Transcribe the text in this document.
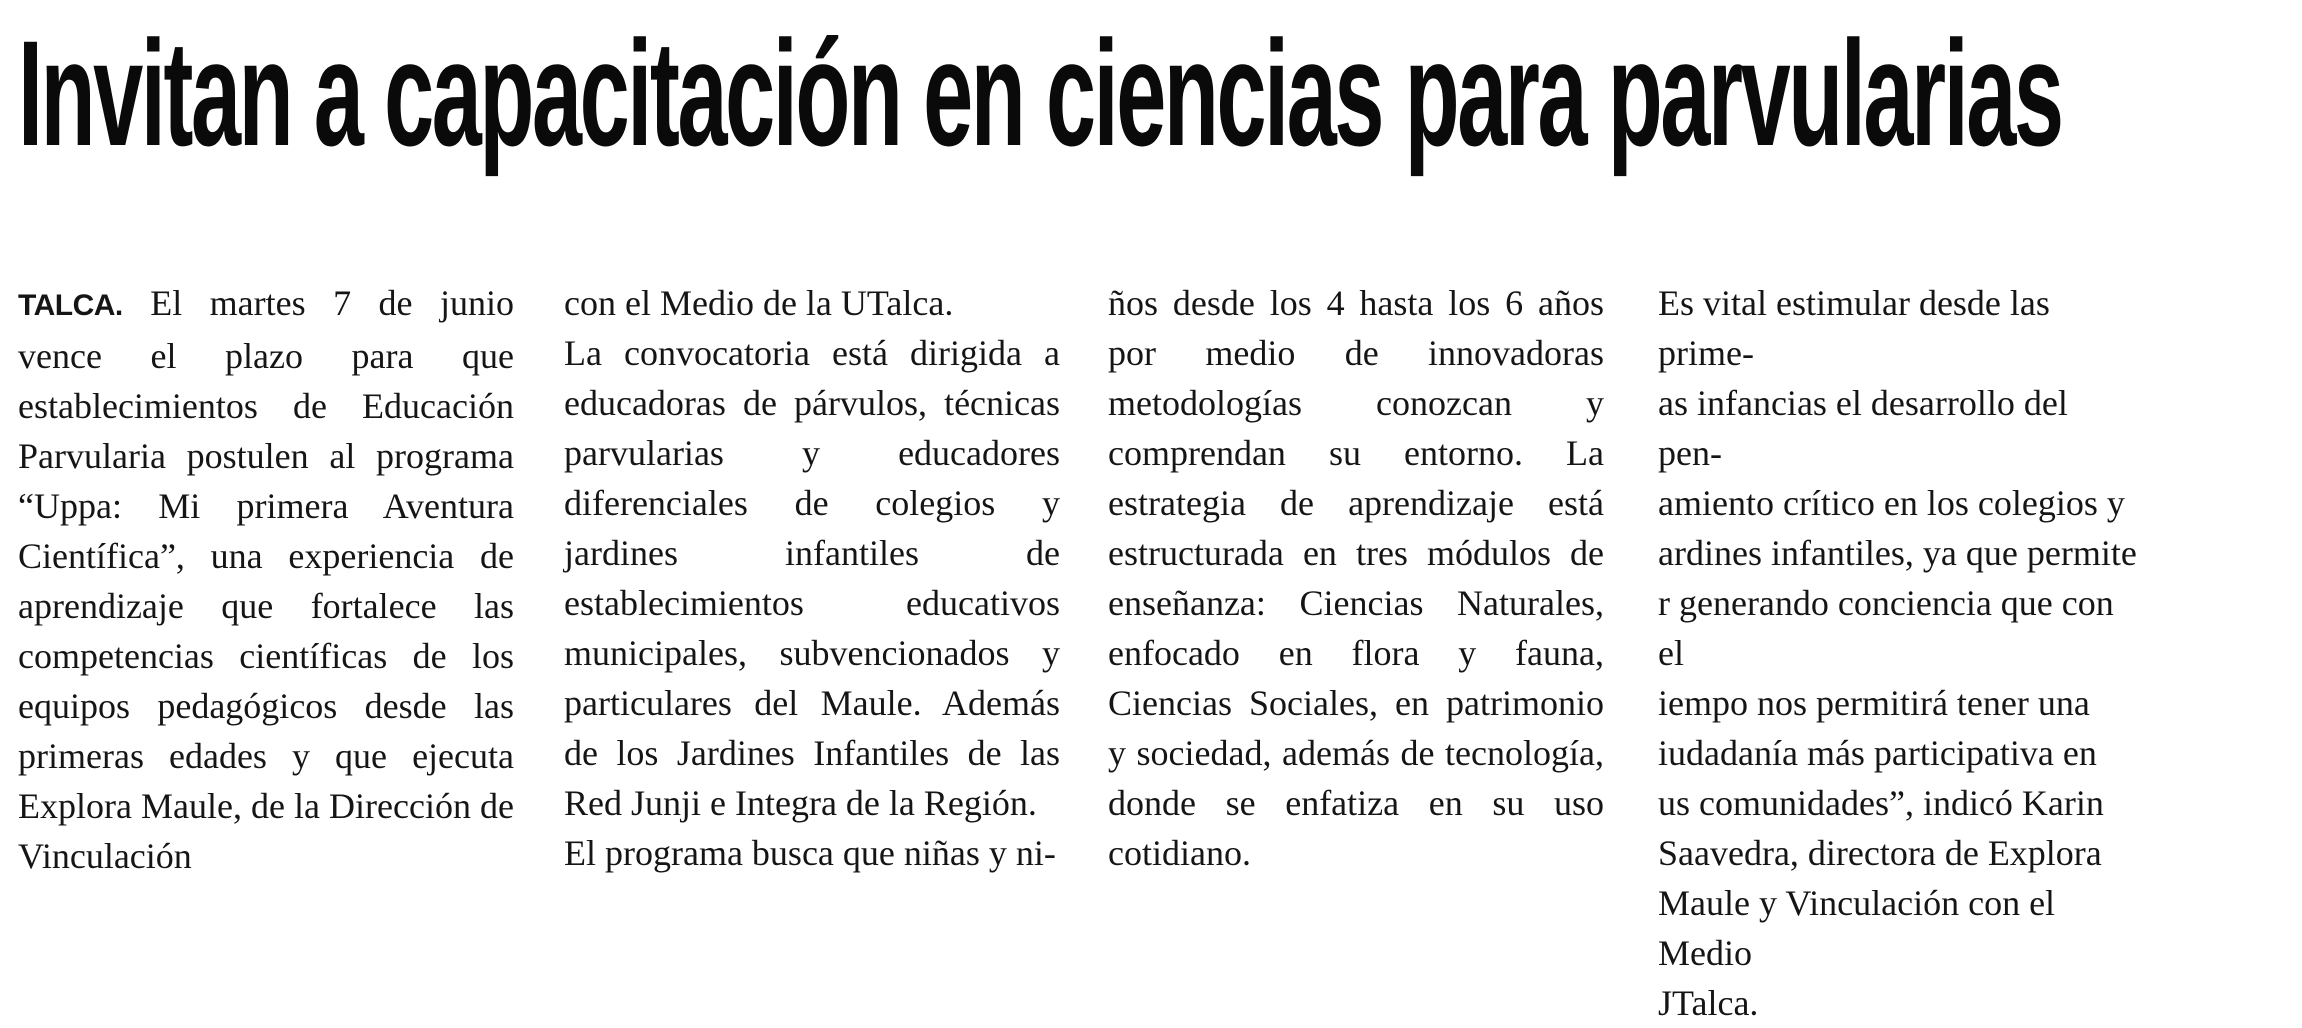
Invitan a capacitación en ciencias para parvularias

TALCA. El martes 7 de junio vence el plazo para que establecimientos de Educación Parvularia postulen al programa “Uppa: Mi primera Aventura Científica”, una experiencia de aprendizaje que fortalece las competencias científicas de los equipos pedagógicos desde las primeras edades y que ejecuta Explora Maule, de la Dirección de Vinculación

con el Medio de la UTalca.

La convocatoria está dirigida a educadoras de párvulos, técnicas parvularias y educadores diferenciales de colegios y jardines infantiles de establecimientos educativos municipales, subvencionados y particulares del Maule. Además de los Jardines Infantiles de las Red Junji e Integra de la Región.

El programa busca que niñas y ni-

ños desde los 4 hasta los 6 años por medio de innovadoras metodologías conozcan y comprendan su entorno. La estrategia de aprendizaje está estructurada en tres módulos de enseñanza: Ciencias Naturales, enfocado en flora y fauna, Ciencias Sociales, en patrimonio y sociedad, además de tecnología, donde se enfatiza en su uso cotidiano.

Es vital estimular desde las prime-
as infancias el desarrollo del pen-
amiento crítico en los colegios y
ardines infantiles, ya que permite
r generando conciencia que con el
iempo nos permitirá tener una
iudadanía más participativa en
us comunidades”, indicó Karin
Saavedra, directora de Explora
Maule y Vinculación con el Medio
JTalca.
